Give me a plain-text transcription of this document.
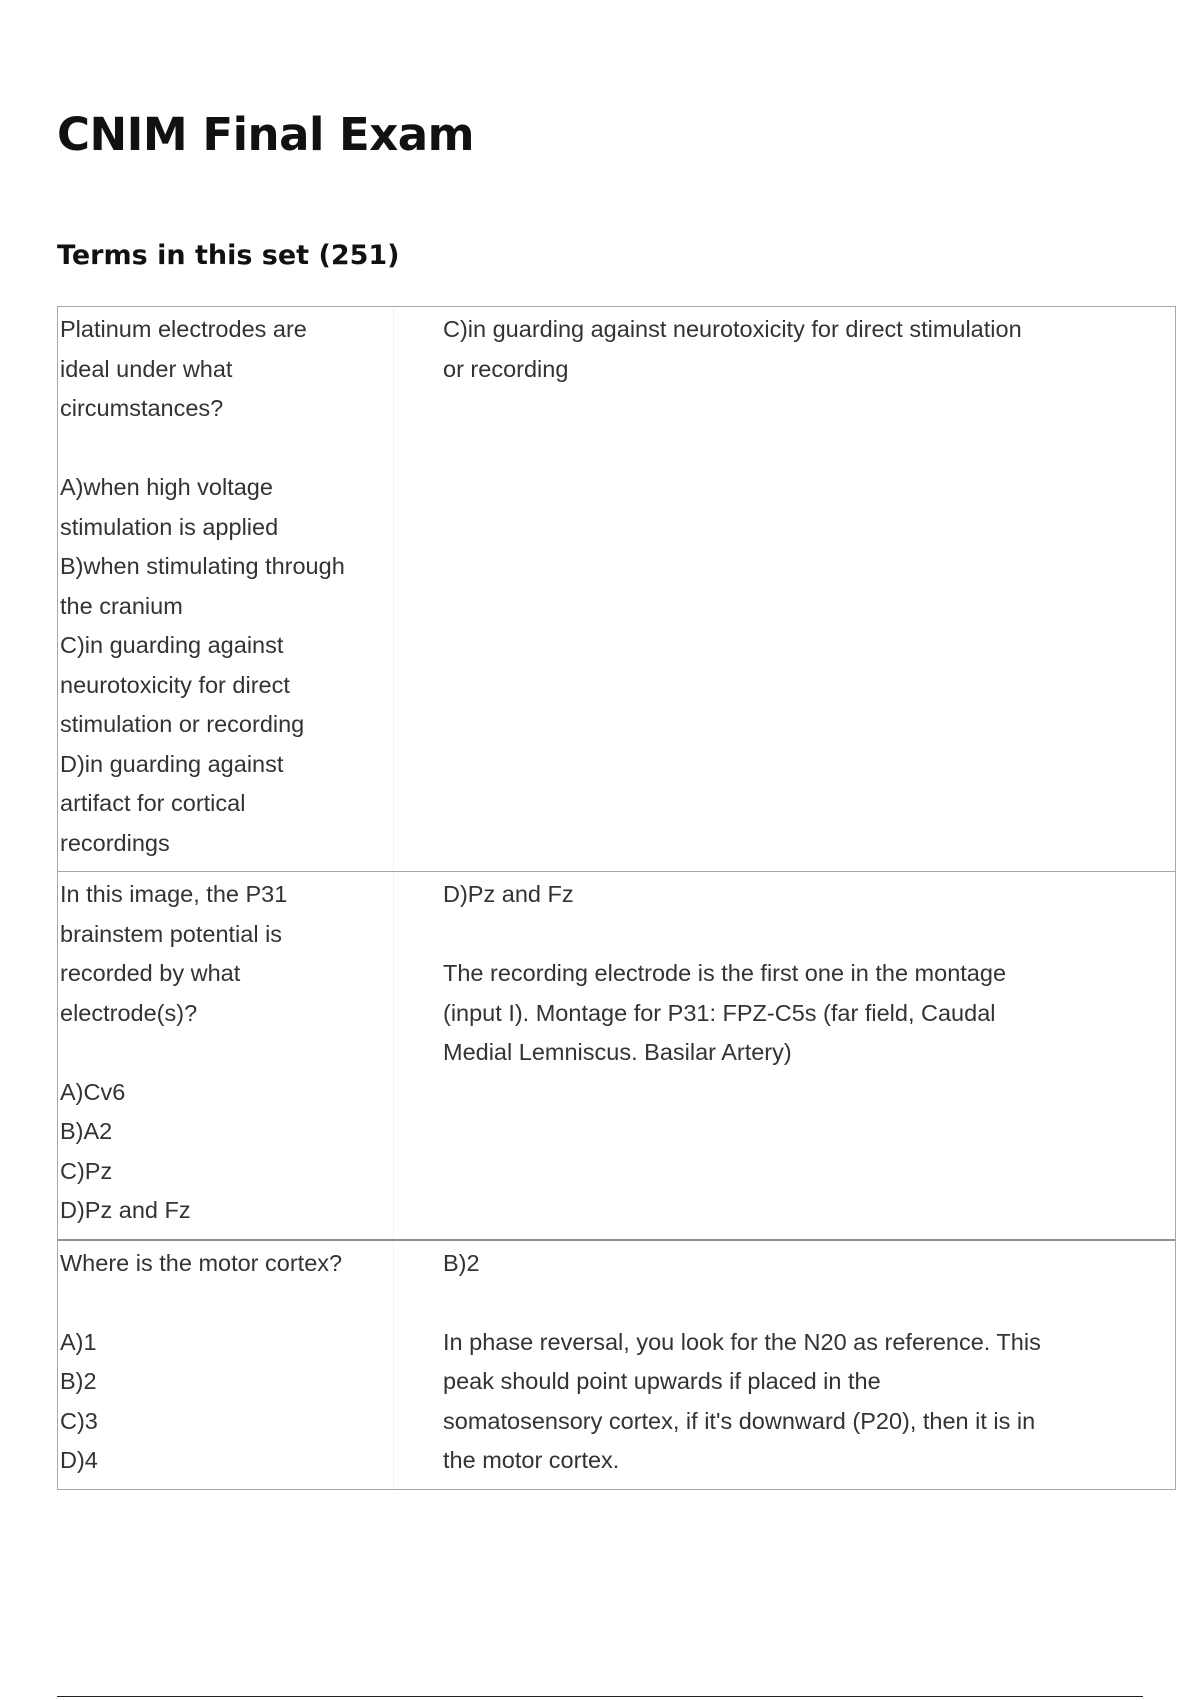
CNIM Final Exam
Terms in this set (251)
Platinum electrodes are
ideal under what
circumstances?

A)when high voltage
stimulation is applied
B)when stimulating through
the cranium
C)in guarding against
neurotoxicity for direct
stimulation or recording
D)in guarding against
artifact for cortical
recordings
C)in guarding against neurotoxicity for direct stimulation
or recording
In this image, the P31
brainstem potential is
recorded by what
electrode(s)?

A)Cv6
B)A2
C)Pz
D)Pz and Fz
D)Pz and Fz

The recording electrode is the first one in the montage
(input I). Montage for P31: FPZ-C5s (far field, Caudal
Medial Lemniscus. Basilar Artery)
Where is the motor cortex?

A)1
B)2
C)3
D)4
B)2

In phase reversal, you look for the N20 as reference. This
peak should point upwards if placed in the
somatosensory cortex, if it's downward (P20), then it is in
the motor cortex.
